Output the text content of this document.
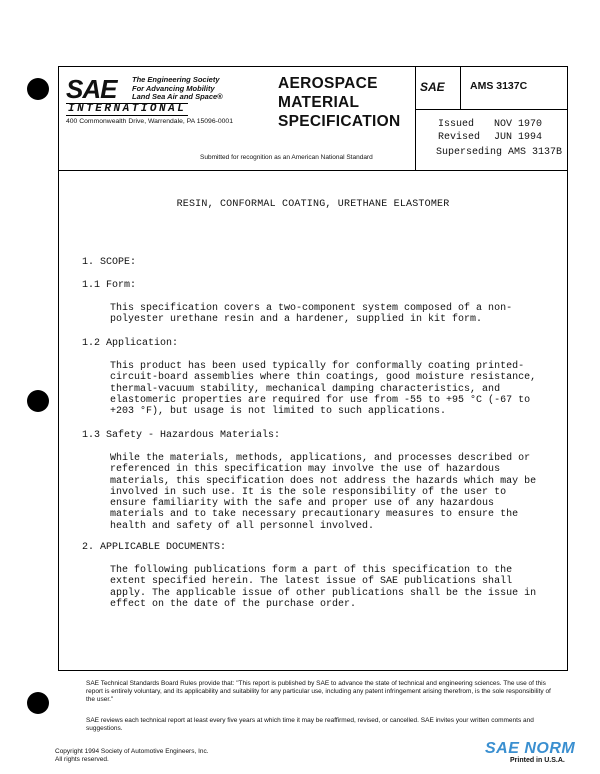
SAE The Engineering Society
For Advancing Mobility
Land Sea Air and Space®
INTERNATIONAL
400 Commonwealth Drive, Warrendale, PA 15096-0001
AEROSPACE
MATERIAL
SPECIFICATION
Submitted for recognition as an American National Standard
SAE AMS 3137C
Issued NOV 1970
Revised JUN 1994
Superseding AMS 3137B
RESIN, CONFORMAL COATING, URETHANE ELASTOMER
1. SCOPE:
1.1 Form:
This specification covers a two-component system composed of a non-polyester urethane resin and a hardener, supplied in kit form.
1.2 Application:
This product has been used typically for conformally coating printed-circuit-board assemblies where thin coatings, good moisture resistance, thermal-vacuum stability, mechanical damping characteristics, and elastomeric properties are required for use from -55 to +95 °C (-67 to +203 °F), but usage is not limited to such applications.
1.3 Safety - Hazardous Materials:
While the materials, methods, applications, and processes described or referenced in this specification may involve the use of hazardous materials, this specification does not address the hazards which may be involved in such use. It is the sole responsibility of the user to ensure familiarity with the safe and proper use of any hazardous materials and to take necessary precautionary measures to ensure the health and safety of all personnel involved.
2. APPLICABLE DOCUMENTS:
The following publications form a part of this specification to the extent specified herein. The latest issue of SAE publications shall apply. The applicable issue of other publications shall be the issue in effect on the date of the purchase order.
SAE Technical Standards Board Rules provide that: "This report is published by SAE to advance the state of technical and engineering sciences. The use of this report is entirely voluntary, and its applicability and suitability for any particular use, including any patent infringement arising therefrom, is the sole responsibility of the user."
SAE reviews each technical report at least every five years at which time it may be reaffirmed, revised, or cancelled. SAE invites your written comments and suggestions.
Copyright 1994 Society of Automotive Engineers, Inc.
All rights reserved.
SAE NORM
Printed in U.S.A.
